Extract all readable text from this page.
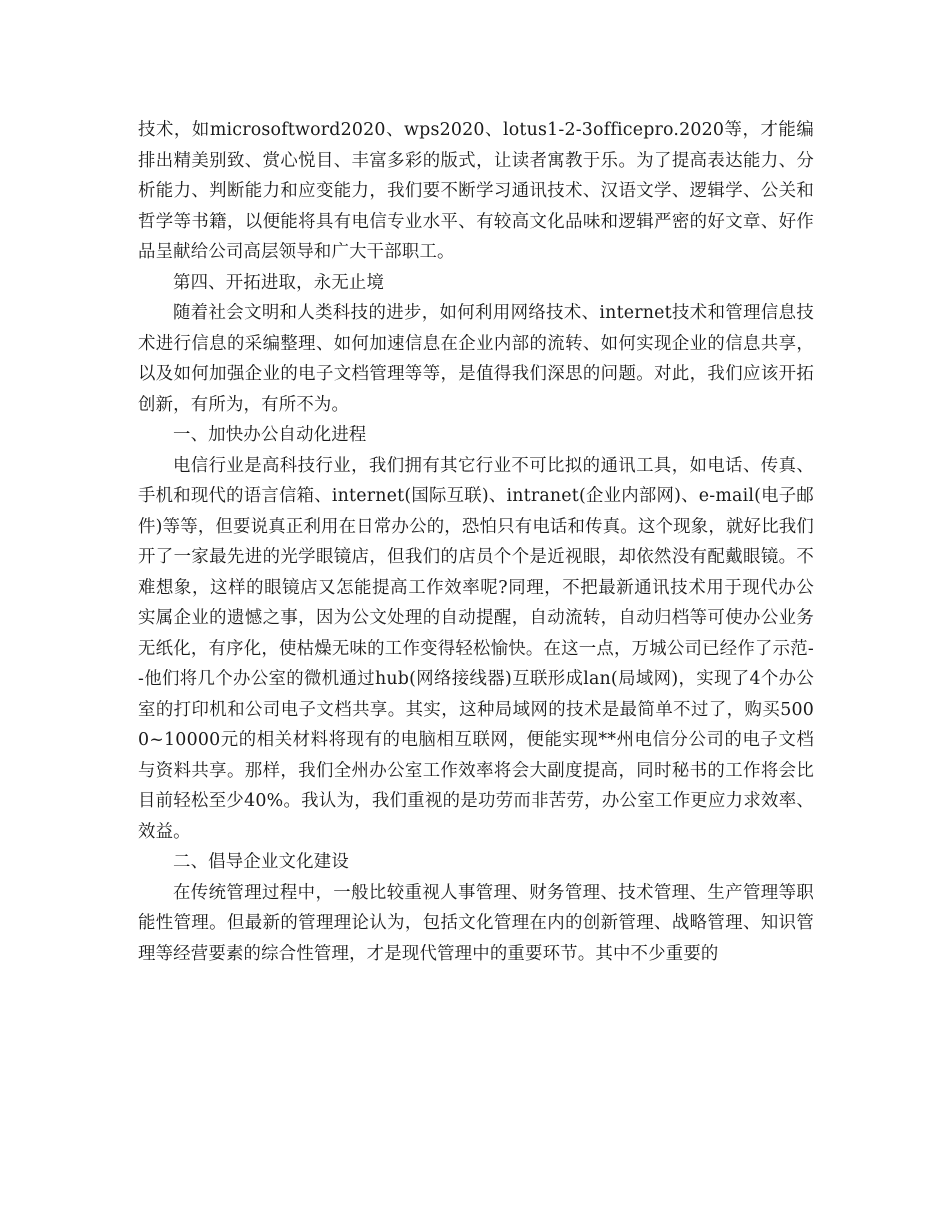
技术，如microsoftword2020、wps2020、lotus1-2-3officepro.2020等，才能编排出精美别致、赏心悦目、丰富多彩的版式，让读者寓教于乐。为了提高表达能力、分析能力、判断能力和应变能力，我们要不断学习通讯技术、汉语文学、逻辑学、公关和哲学等书籍，以便能将具有电信专业水平、有较高文化品味和逻辑严密的好文章、好作品呈献给公司高层领导和广大干部职工。

第四、开拓进取，永无止境

随着社会文明和人类科技的进步，如何利用网络技术、internet技术和管理信息技术进行信息的采编整理、如何加速信息在企业内部的流转、如何实现企业的信息共享，以及如何加强企业的电子文档管理等等，是值得我们深思的问题。对此，我们应该开拓创新，有所为，有所不为。

一、加快办公自动化进程

电信行业是高科技行业，我们拥有其它行业不可比拟的通讯工具，如电话、传真、手机和现代的语言信箱、internet(国际互联)、intranet(企业内部网)、e-mail(电子邮件)等等，但要说真正利用在日常办公的，恐怕只有电话和传真。这个现象，就好比我们开了一家最先进的光学眼镜店，但我们的店员个个是近视眼，却依然没有配戴眼镜。不难想象，这样的眼镜店又怎能提高工作效率呢?同理，不把最新通讯技术用于现代办公实属企业的遗憾之事，因为公文处理的自动提醒，自动流转，自动归档等可使办公业务无纸化，有序化，使枯燥无味的工作变得轻松愉快。在这一点，万城公司已经作了示范--他们将几个办公室的微机通过hub(网络接线器)互联形成lan(局域网)，实现了4个办公室的打印机和公司电子文档共享。其实，这种局域网的技术是最简单不过了，购买5000~10000元的相关材料将现有的电脑相互联网，便能实现**州电信分公司的电子文档与资料共享。那样，我们全州办公室工作效率将会大副度提高，同时秘书的工作将会比目前轻松至少40%。我认为，我们重视的是功劳而非苦劳，办公室工作更应力求效率、效益。

二、倡导企业文化建设

在传统管理过程中，一般比较重视人事管理、财务管理、技术管理、生产管理等职能性管理。但最新的管理理论认为，包括文化管理在内的创新管理、战略管理、知识管理等经营要素的综合性管理，才是现代管理中的重要环节。其中不少重要的
